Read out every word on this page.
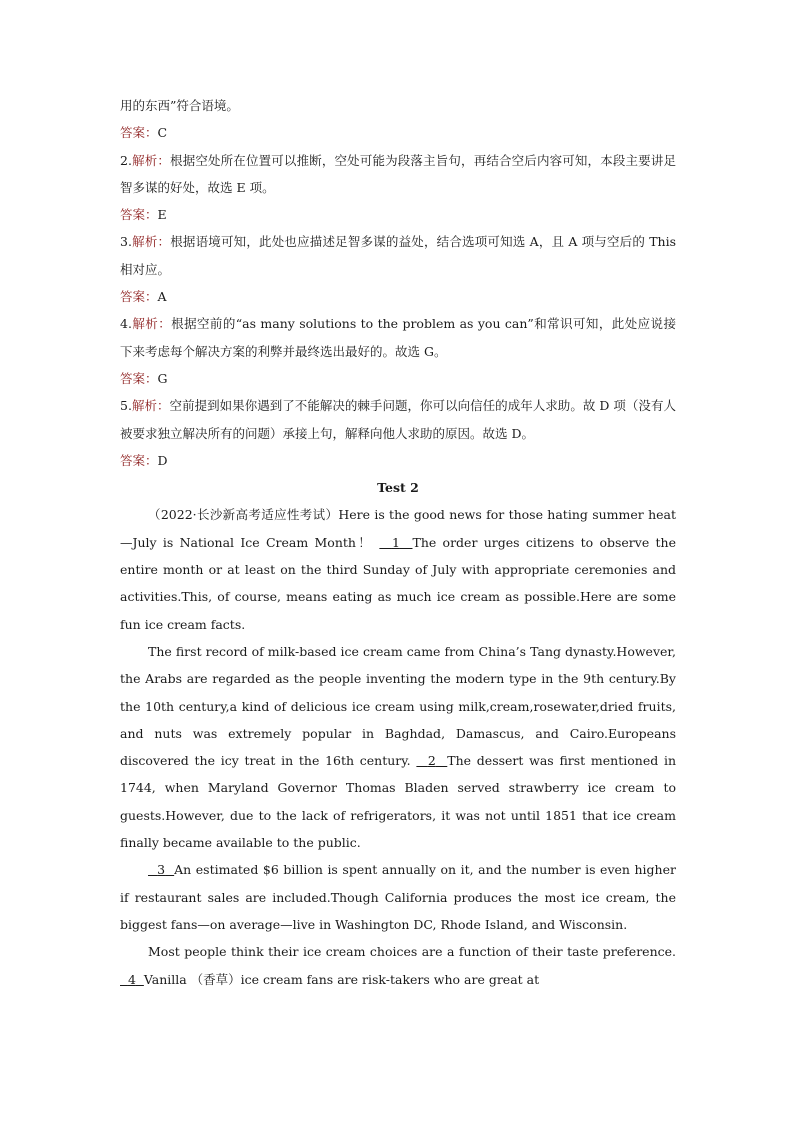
用的东西”符合语境。
答案：C
2.解析：根据空处所在位置可以推断，空处可能为段落主旨句，再结合空后内容可知，本段主要讲足智多谋的好处，故选 E 项。
答案：E
3.解析：根据语境可知，此处也应描述足智多谋的益处，结合选项可知选 A，且 A 项与空后的 This 相对应。
答案：A
4.解析：根据空前的“as many solutions to the problem as you can”和常识可知，此处应说接下来考虑每个解决方案的利弊并最终选出最好的。故选 G。
答案：G
5.解析：空前提到如果你遇到了不能解决的棘手问题，你可以向信任的成年人求助。故 D 项（没有人被要求独立解决所有的问题）承接上句，解释向他人求助的原因。故选 D。
答案：D
Test 2
（2022·长沙新高考适应性考试）Here is the good news for those hating summer heat—July is National Ice Cream Month！ 1 The order urges citizens to observe the entire month or at least on the third Sunday of July with appropriate ceremonies and activities.This, of course, means eating as much ice cream as possible.Here are some fun ice cream facts.
The first record of milk-based ice cream came from China’s Tang dynasty.However, the Arabs are regarded as the people inventing the modern type in the 9th century.By the 10th century,a kind of delicious ice cream using milk,cream,rosewater,dried fruits, and nuts was extremely popular in Baghdad, Damascus, and Cairo.Europeans discovered the icy treat in the 16th century. 2 The dessert was first mentioned in 1744, when Maryland Governor Thomas Bladen served strawberry ice cream to guests.However, due to the lack of refrigerators, it was not until 1851 that ice cream finally became available to the public.
3 An estimated $6 billion is spent annually on it, and the number is even higher if restaurant sales are included.Though California produces the most ice cream, the biggest fans—on average—live in Washington DC, Rhode Island, and Wisconsin.
Most people think their ice cream choices are a function of their taste preference.   4 Vanilla （香草）ice cream fans are risk-takers who are great at
